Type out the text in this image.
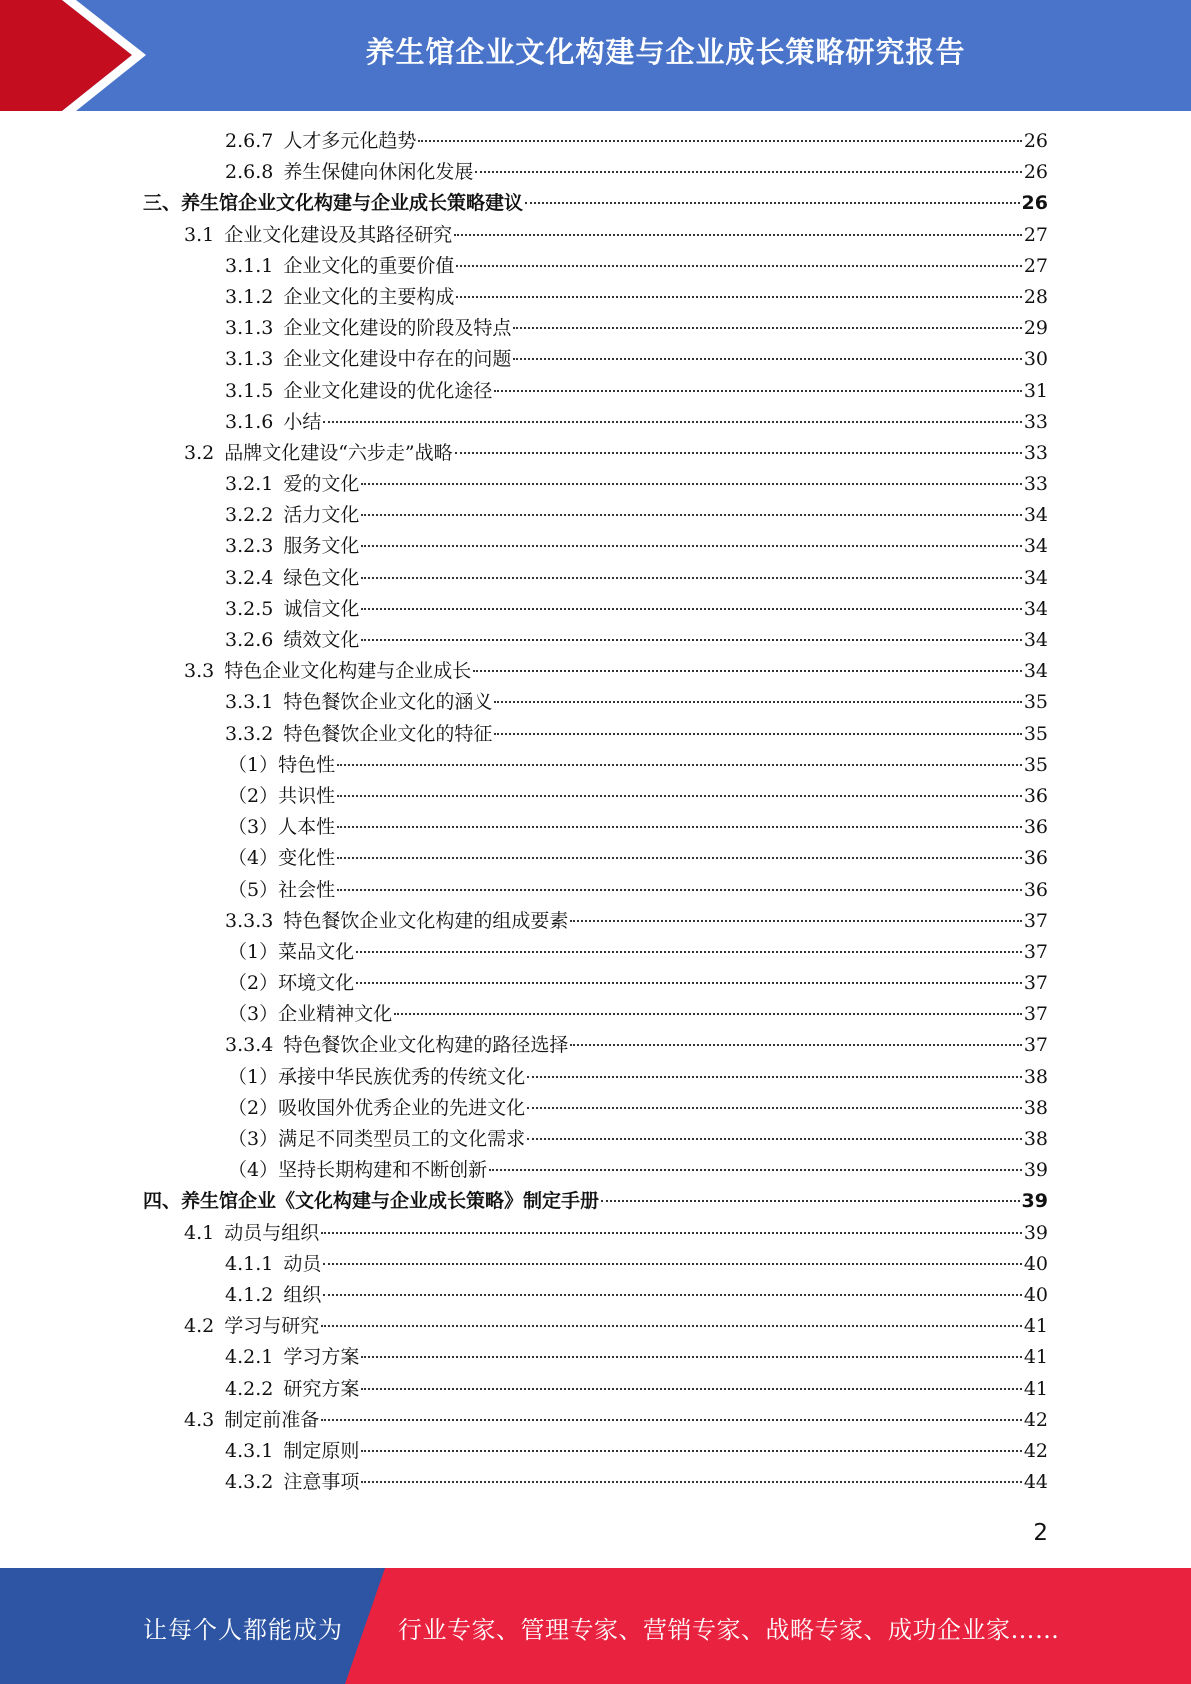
养生馆企业文化构建与企业成长策略研究报告
2.6.7 人才多元化趋势	26
2.6.8 养生保健向休闲化发展	26
三、养生馆企业文化构建与企业成长策略建议	26
3.1 企业文化建设及其路径研究	27
3.1.1 企业文化的重要价值	27
3.1.2 企业文化的主要构成	28
3.1.3 企业文化建设的阶段及特点	29
3.1.3 企业文化建设中存在的问题	30
3.1.5 企业文化建设的优化途径	31
3.1.6 小结	33
3.2 品牌文化建设“六步走”战略	33
3.2.1 爱的文化	33
3.2.2 活力文化	34
3.2.3 服务文化	34
3.2.4 绿色文化	34
3.2.5 诚信文化	34
3.2.6 绩效文化	34
3.3 特色企业文化构建与企业成长	34
3.3.1 特色餐饮企业文化的涵义	35
3.3.2 特色餐饮企业文化的特征	35
（1）特色性	35
（2）共识性	36
（3）人本性	36
（4）变化性	36
（5）社会性	36
3.3.3 特色餐饮企业文化构建的组成要素	37
（1）菜品文化	37
（2）环境文化	37
（3）企业精神文化	37
3.3.4 特色餐饮企业文化构建的路径选择	37
（1）承接中华民族优秀的传统文化	38
（2）吸收国外优秀企业的先进文化	38
（3）满足不同类型员工的文化需求	38
（4）坚持长期构建和不断创新	39
四、养生馆企业《文化构建与企业成长策略》制定手册	39
4.1 动员与组织	39
4.1.1 动员	40
4.1.2 组织	40
4.2 学习与研究	41
4.2.1 学习方案	41
4.2.2 研究方案	41
4.3 制定前准备	42
4.3.1 制定原则	42
4.3.2 注意事项	44
2
让每个人都能成为 行业专家、管理专家、营销专家、战略专家、成功企业家……
